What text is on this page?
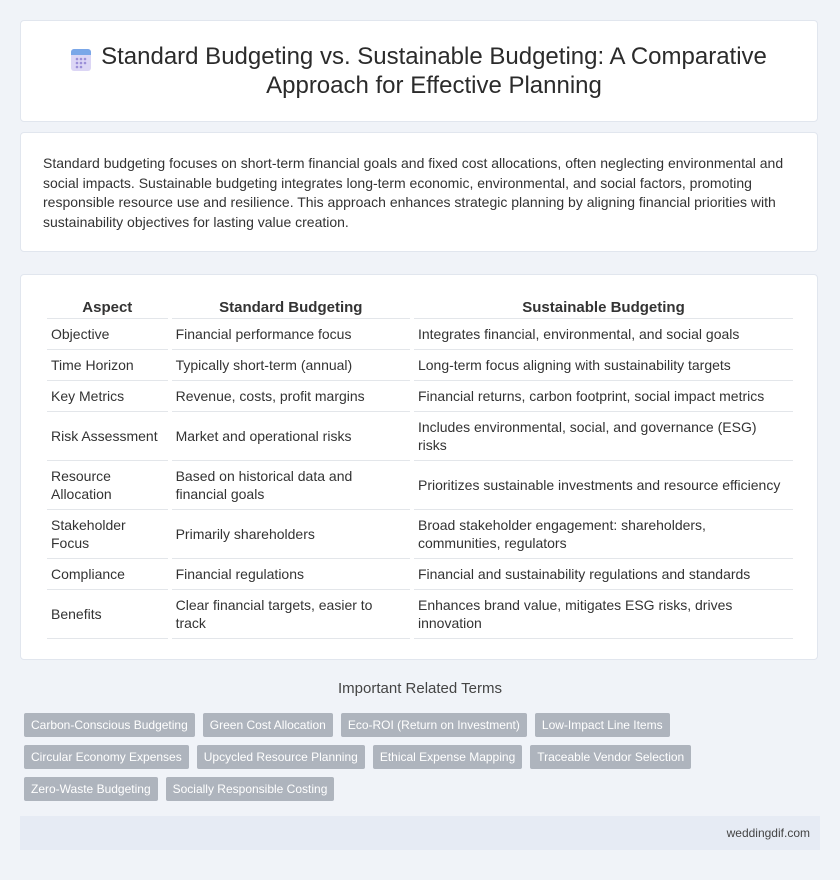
Standard Budgeting vs. Sustainable Budgeting: A Comparative Approach for Effective Planning
Standard budgeting focuses on short-term financial goals and fixed cost allocations, often neglecting environmental and social impacts. Sustainable budgeting integrates long-term economic, environmental, and social factors, promoting responsible resource use and resilience. This approach enhances strategic planning by aligning financial priorities with sustainability objectives for lasting value creation.
Aspect	Standard Budgeting	Sustainable Budgeting
Objective	Financial performance focus	Integrates financial, environmental, and social goals
Time Horizon	Typically short-term (annual)	Long-term focus aligning with sustainability targets
Key Metrics	Revenue, costs, profit margins	Financial returns, carbon footprint, social impact metrics
Risk Assessment	Market and operational risks	Includes environmental, social, and governance (ESG) risks
Resource Allocation	Based on historical data and financial goals	Prioritizes sustainable investments and resource efficiency
Stakeholder Focus	Primarily shareholders	Broad stakeholder engagement: shareholders, communities, regulators
Compliance	Financial regulations	Financial and sustainability regulations and standards
Benefits	Clear financial targets, easier to track	Enhances brand value, mitigates ESG risks, drives innovation
Important Related Terms
Carbon-Conscious Budgeting	Green Cost Allocation	Eco-ROI (Return on Investment)	Low-Impact Line Items
Circular Economy Expenses	Upcycled Resource Planning	Ethical Expense Mapping	Traceable Vendor Selection
Zero-Waste Budgeting	Socially Responsible Costing
weddingdif.com
